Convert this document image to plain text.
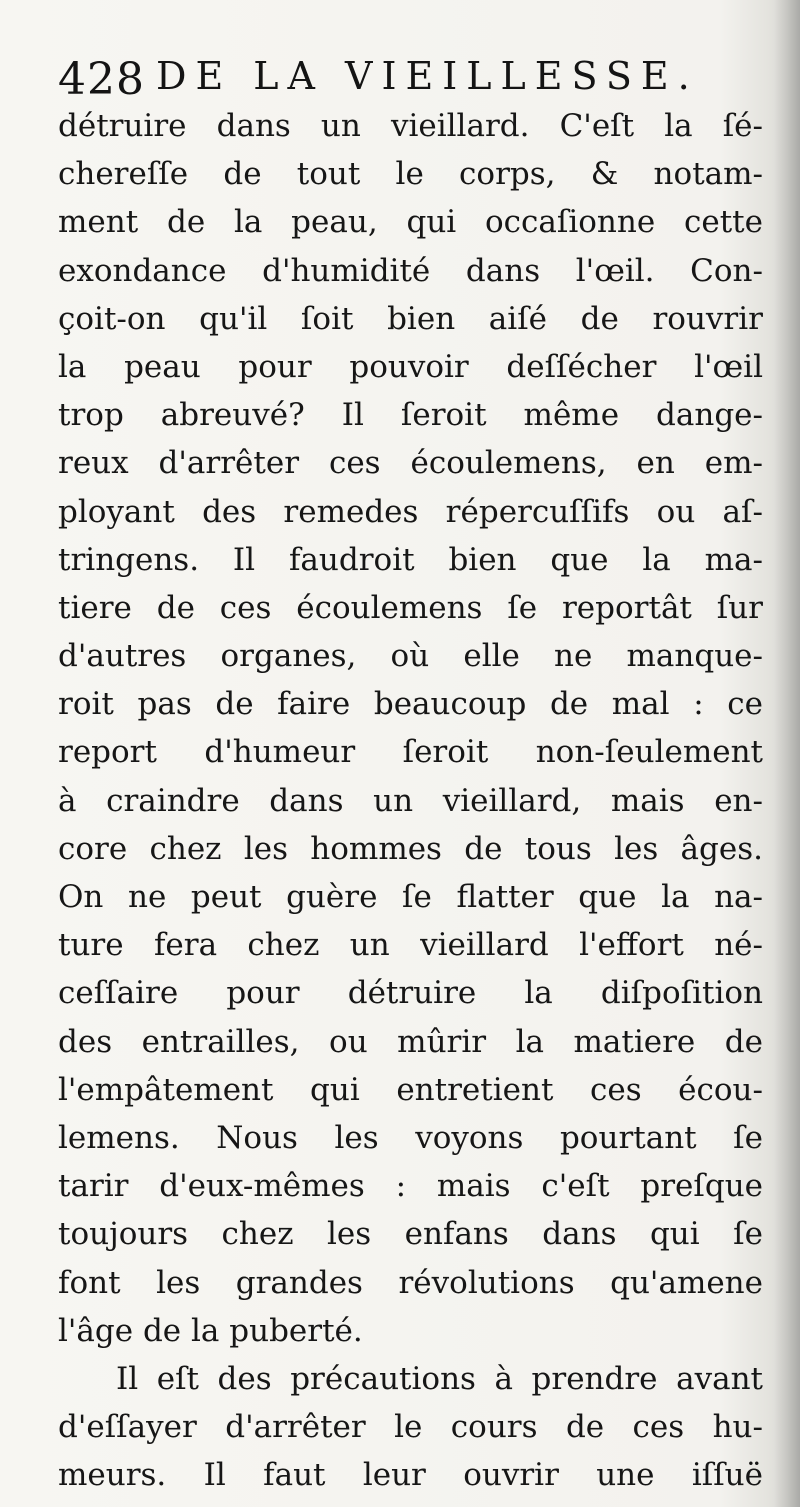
428 DE LA VIEILLESSE.
détruire dans un vieillard. C'eſt la ſé-
chereſſe de tout le corps, & notam-
ment de la peau, qui occaſionne cette
exondance d'humidité dans l'œil. Con-
çoit-on qu'il ſoit bien aiſé de rouvrir
la peau pour pouvoir deſſécher l'œil
trop abreuvé? Il ſeroit même dange-
reux d'arrêter ces écoulemens, en em-
ployant des remedes répercuſſifs ou aſ-
tringens. Il faudroit bien que la ma-
tiere de ces écoulemens ſe reportât ſur
d'autres organes, où elle ne manque-
roit pas de faire beaucoup de mal : ce
report d'humeur ſeroit non-ſeulement
à craindre dans un vieillard, mais en-
core chez les hommes de tous les âges.
On ne peut guère ſe flatter que la na-
ture fera chez un vieillard l'effort né-
ceſſaire pour détruire la diſpoſition
des entrailles, ou mûrir la matiere de
l'empâtement qui entretient ces écou-
lemens. Nous les voyons pourtant ſe
tarir d'eux-mêmes : mais c'eſt preſque
toujours chez les enfans dans qui ſe
font les grandes révolutions qu'amene
l'âge de la puberté.
Il eſt des précautions à prendre avant
d'eſſayer d'arrêter le cours de ces hu-
meurs. Il faut leur ouvrir une iſſuë
